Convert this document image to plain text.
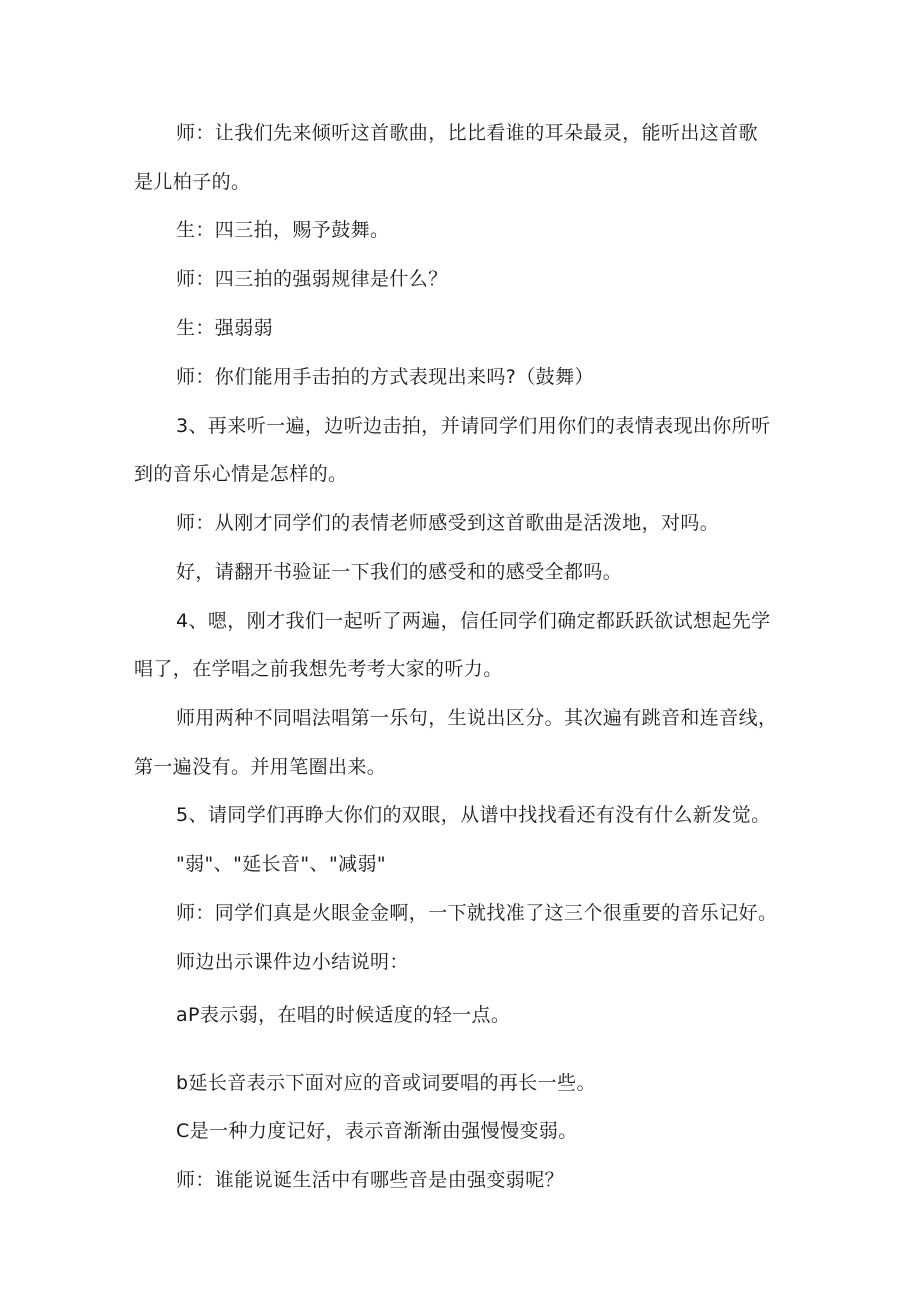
师：让我们先来倾听这首歌曲，比比看谁的耳朵最灵，能听出这首歌

是儿柏子的。

生：四三拍，赐予鼓舞。

师：四三拍的强弱规律是什么？

生：强弱弱

师：你们能用手击拍的方式表现出来吗?（鼓舞）

3、再来听一遍，边听边击拍，并请同学们用你们的表情表现出你所听

到的音乐心情是怎样的。

师：从刚才同学们的表情老师感受到这首歌曲是活泼地，对吗。

好，请翻开书验证一下我们的感受和的感受全都吗。

4、嗯，刚才我们一起听了两遍，信任同学们确定都跃跃欲试想起先学

唱了，在学唱之前我想先考考大家的听力。

师用两种不同唱法唱第一乐句，生说出区分。其次遍有跳音和连音线，

第一遍没有。并用笔圈出来。

5、请同学们再睁大你们的双眼，从谱中找找看还有没有什么新发觉。

"弱"、"延长音"、"减弱"

师：同学们真是火眼金金啊，一下就找准了这三个很重要的音乐记好。

师边出示课件边小结说明：

aP表示弱，在唱的时候适度的轻一点。

b延长音表示下面对应的音或词要唱的再长一些。

C是一种力度记好，表示音渐渐由强慢慢变弱。

师：谁能说诞生活中有哪些音是由强变弱呢？
